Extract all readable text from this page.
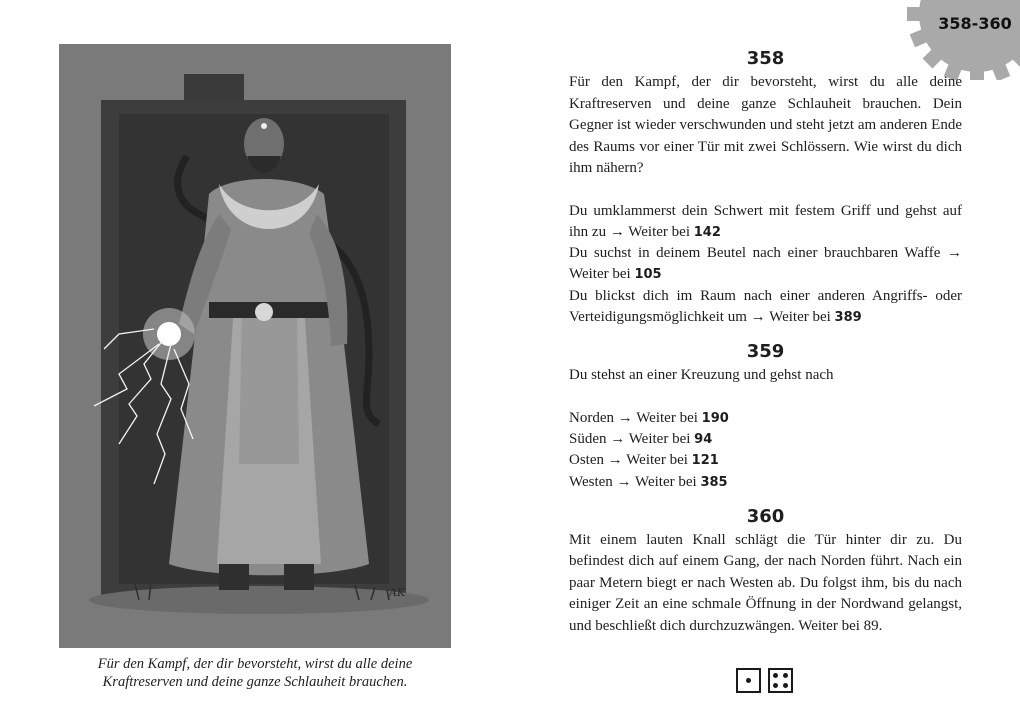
358-360
AK
Für den Kampf, der dir bevorsteht, wirst du alle deine
Kraftreserven und deine ganze Schlauheit brauchen.
358

Für den Kampf, der dir bevorsteht, wirst du alle deine Kraftreserven und deine ganze Schlauheit brauchen. Dein Gegner ist wieder verschwunden und steht jetzt am anderen Ende des Raums vor einer Tür mit zwei Schlössern. Wie wirst du dich ihm nähern?

Du umklammerst dein Schwert mit festem Griff und gehst auf ihn zu → Weiter bei 142

Du suchst in deinem Beutel nach einer brauchbaren Waffe → Weiter bei 105

Du blickst dich im Raum nach einer anderen Angriffs- oder Verteidigungsmöglichkeit um → Weiter bei 389

359

Du stehst an einer Kreuzung und gehst nach

Norden → Weiter bei 190

Süden → Weiter bei 94

Osten → Weiter bei 121

Westen → Weiter bei 385

360

Mit einem lauten Knall schlägt die Tür hinter dir zu. Du befindest dich auf einem Gang, der nach Norden führt. Nach ein paar Metern biegt er nach Westen ab. Du folgst ihm, bis du nach einiger Zeit an eine schmale Öffnung in der Nordwand gelangst, und beschließt dich durchzuzwängen. Weiter bei 89.
